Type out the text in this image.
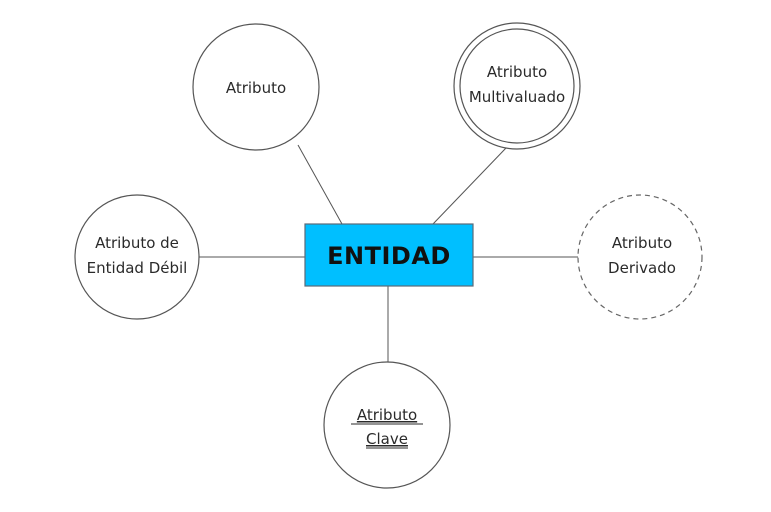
Atributo
Atributo
Multivaluado
Atributo de
Entidad Débil
Atributo
Derivado
Atributo
Clave
ENTIDAD
